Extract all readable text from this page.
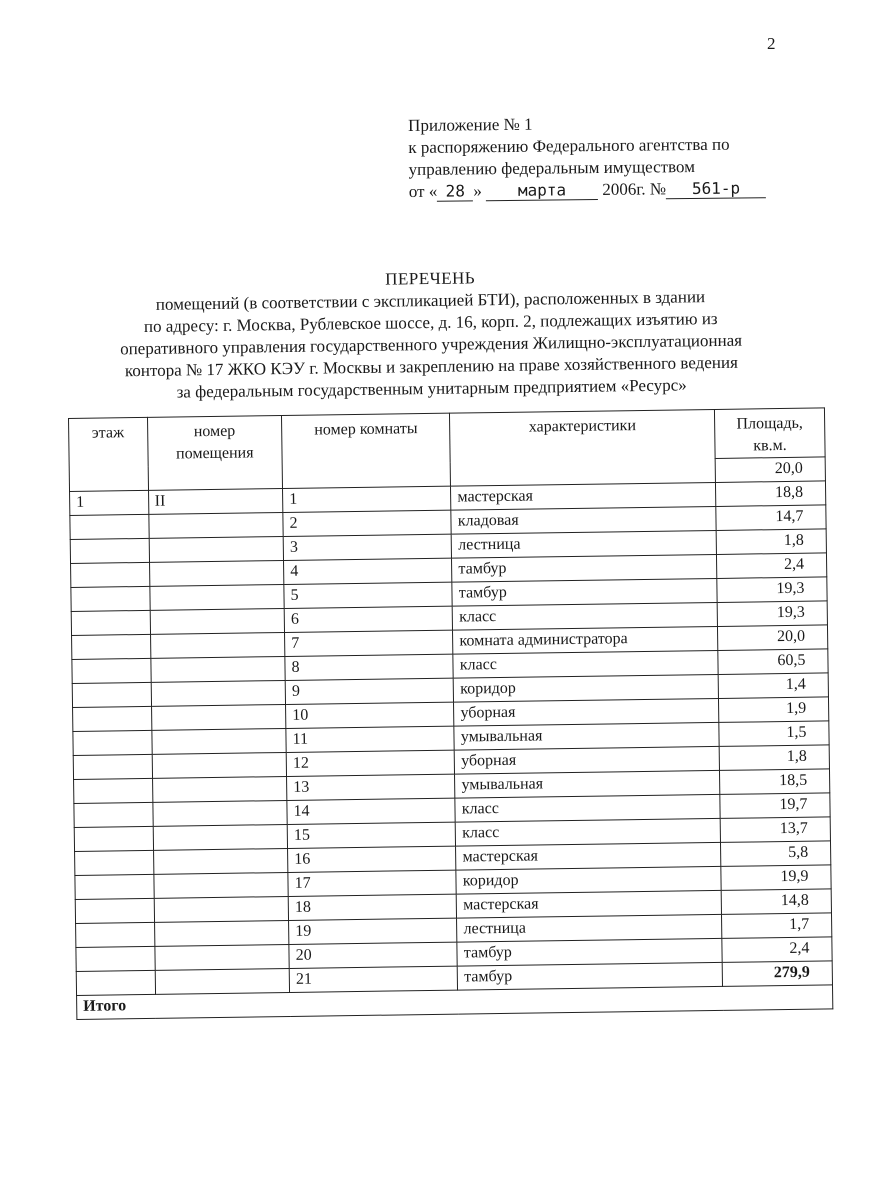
2
Приложение № 1
к распоряжению Федерального агентства по
управлению федеральным имуществом
от « 28 » марта 2006г. № 561-р
ПЕРЕЧЕНЬ
помещений (в соответствии с экспликацией БТИ), расположенных в здании
по адресу: г. Москва, Рублевское шоссе, д. 16, корп. 2, подлежащих изъятию из
оперативного управления государственного учреждения Жилищно-эксплуатационная
контора № 17 ЖКО КЭУ г. Москвы и закреплению на праве хозяйственного ведения
за федеральным государственным унитарным предприятием «Ресурс»
этаж	номер помещения	номер комнаты	характеристики	Площадь, кв.м.
				20,0
1	II	1	мастерская	18,8
		2	кладовая	14,7
		3	лестница	1,8
		4	тамбур	2,4
		5	тамбур	19,3
		6	класс	19,3
		7	комната администратора	20,0
		8	класс	60,5
		9	коридор	1,4
		10	уборная	1,9
		11	умывальная	1,5
		12	уборная	1,8
		13	умывальная	18,5
		14	класс	19,7
		15	класс	13,7
		16	мастерская	5,8
		17	коридор	19,9
		18	мастерская	14,8
		19	лестница	1,7
		20	тамбур	2,4
		21	тамбур	279,9
Итого				
